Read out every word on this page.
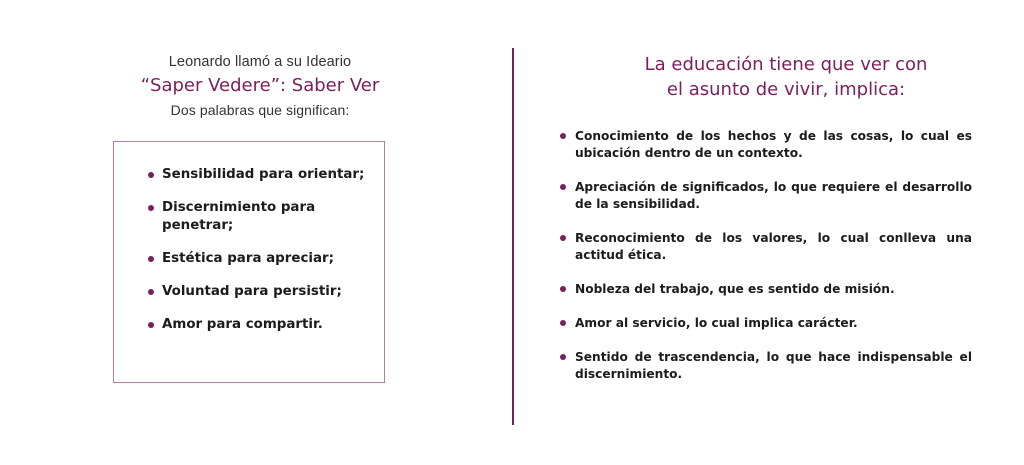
Leonardo llamó a su Ideario
“Saper Vedere”: Saber Ver
Dos palabras que significan:
Sensibilidad para orientar;
Discernimiento para penetrar;
Estética para apreciar;
Voluntad para persistir;
Amor para compartir.
La educación tiene que ver con
el asunto de vivir, implica:
Conocimiento de los hechos y de las cosas, lo cual es ubicación dentro de un contexto.
Apreciación de significados, lo que requiere el desarrollo de la sensibilidad.
Reconocimiento de los valores, lo cual conlleva una actitud ética.
Nobleza del trabajo, que es sentido de misión.
Amor al servicio, lo cual implica carácter.
Sentido de trascendencia, lo que hace indispensable el discernimiento.
